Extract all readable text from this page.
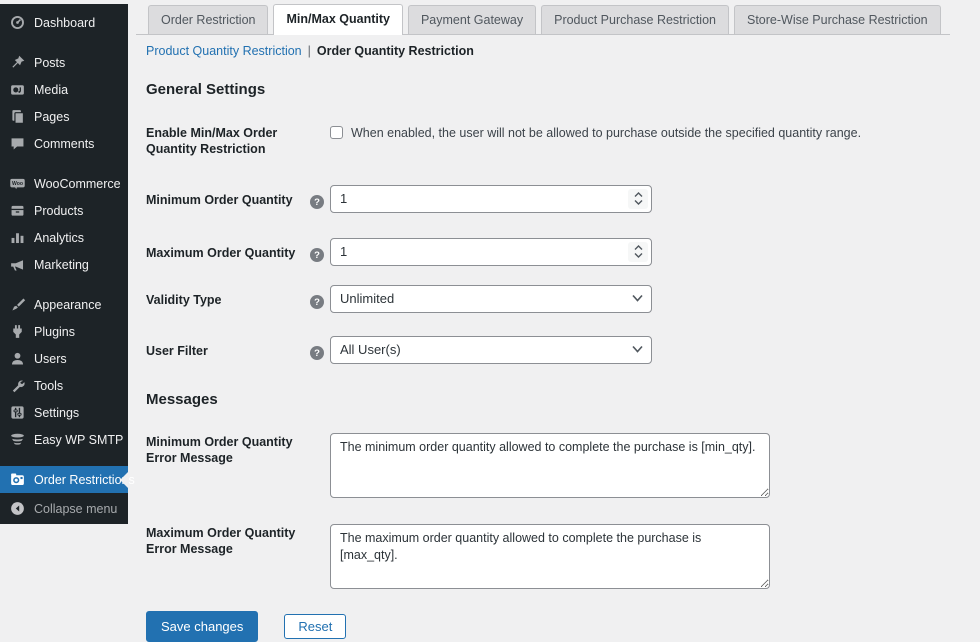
Dashboard
Posts
Media
Pages
Comments
Woo WooCommerce
Products
Analytics
Marketing
Appearance
Plugins
Users
Tools
Settings
Easy WP SMTP
Order Restrictions
Collapse menu
Order Restriction	Min/Max Quantity	Payment Gateway	Product Purchase Restriction	Store-Wise Purchase Restriction
Product Quantity Restriction | Order Quantity Restriction
General Settings
Enable Min/Max Order Quantity Restriction
When enabled, the user will not be allowed to purchase outside the specified quantity range.
Minimum Order Quantity	?
1
Maximum Order Quantity	?
1
Validity Type	?
Unlimited
User Filter	?
All User(s)
Messages
Minimum Order Quantity Error Message
The minimum order quantity allowed to complete the purchase is [min_qty].
Maximum Order Quantity Error Message
The maximum order quantity allowed to complete the purchase is [max_qty].
Save changes	Reset
